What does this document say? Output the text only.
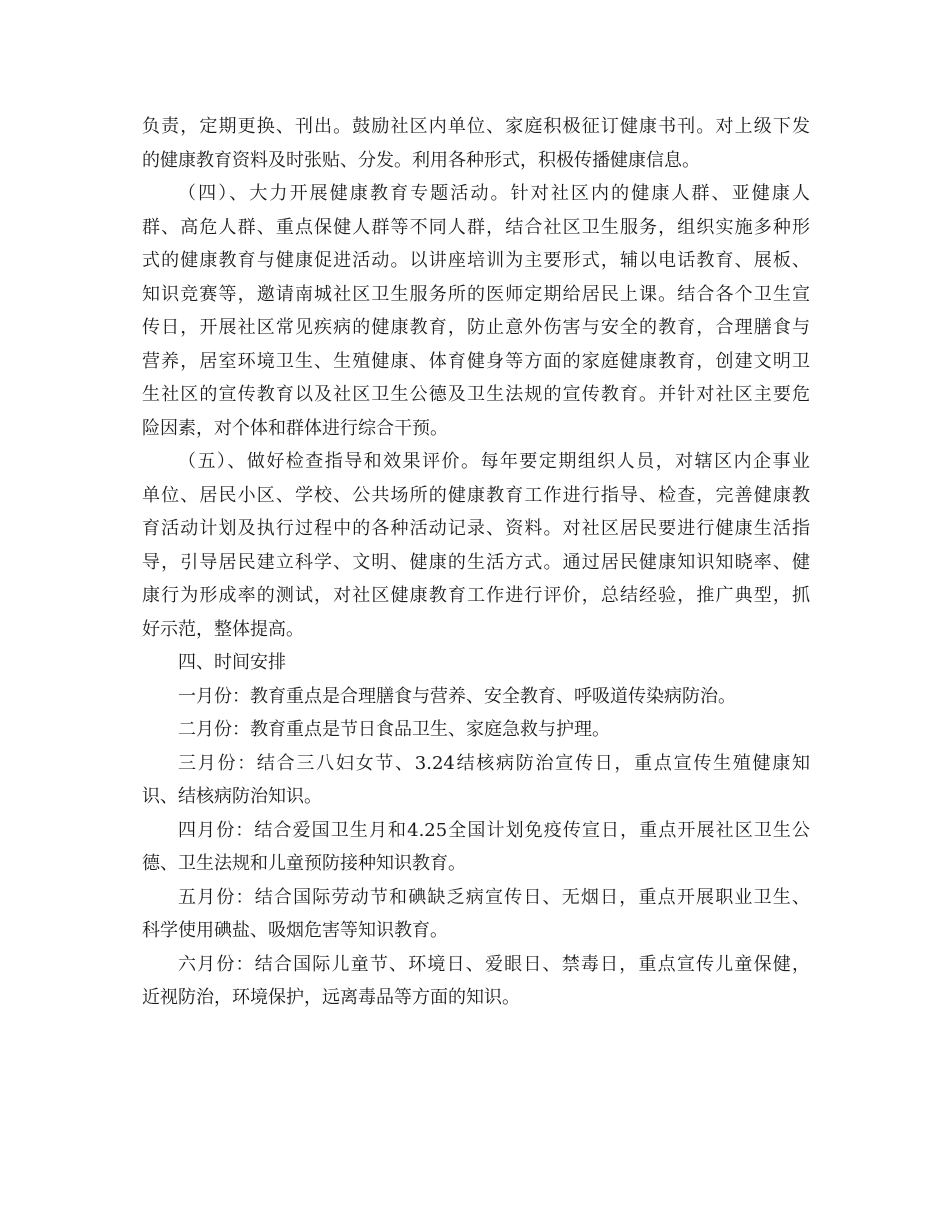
负责，定期更换、刊出。鼓励社区内单位、家庭积极征订健康书刊。对上级下发
的健康教育资料及时张贴、分发。利用各种形式，积极传播健康信息。
（四）、大力开展健康教育专题活动。针对社区内的健康人群、亚健康人
群、高危人群、重点保健人群等不同人群，结合社区卫生服务，组织实施多种形
式的健康教育与健康促进活动。以讲座培训为主要形式，辅以电话教育、展板、
知识竞赛等，邀请南城社区卫生服务所的医师定期给居民上课。结合各个卫生宣
传日，开展社区常见疾病的健康教育，防止意外伤害与安全的教育，合理膳食与
营养，居室环境卫生、生殖健康、体育健身等方面的家庭健康教育，创建文明卫
生社区的宣传教育以及社区卫生公德及卫生法规的宣传教育。并针对社区主要危
险因素，对个体和群体进行综合干预。
（五）、做好检查指导和效果评价。每年要定期组织人员，对辖区内企事业
单位、居民小区、学校、公共场所的健康教育工作进行指导、检查，完善健康教
育活动计划及执行过程中的各种活动记录、资料。对社区居民要进行健康生活指
导，引导居民建立科学、文明、健康的生活方式。通过居民健康知识知晓率、健
康行为形成率的测试，对社区健康教育工作进行评价，总结经验，推广典型，抓
好示范，整体提高。
四、时间安排
一月份：教育重点是合理膳食与营养、安全教育、呼吸道传染病防治。
二月份：教育重点是节日食品卫生、家庭急救与护理。
三月份：结合三八妇女节、3.24结核病防治宣传日，重点宣传生殖健康知
识、结核病防治知识。
四月份：结合爱国卫生月和4.25全国计划免疫传宣日，重点开展社区卫生公
德、卫生法规和儿童预防接种知识教育。
五月份：结合国际劳动节和碘缺乏病宣传日、无烟日，重点开展职业卫生、
科学使用碘盐、吸烟危害等知识教育。
六月份：结合国际儿童节、环境日、爱眼日、禁毒日，重点宣传儿童保健，
近视防治，环境保护，远离毒品等方面的知识。
